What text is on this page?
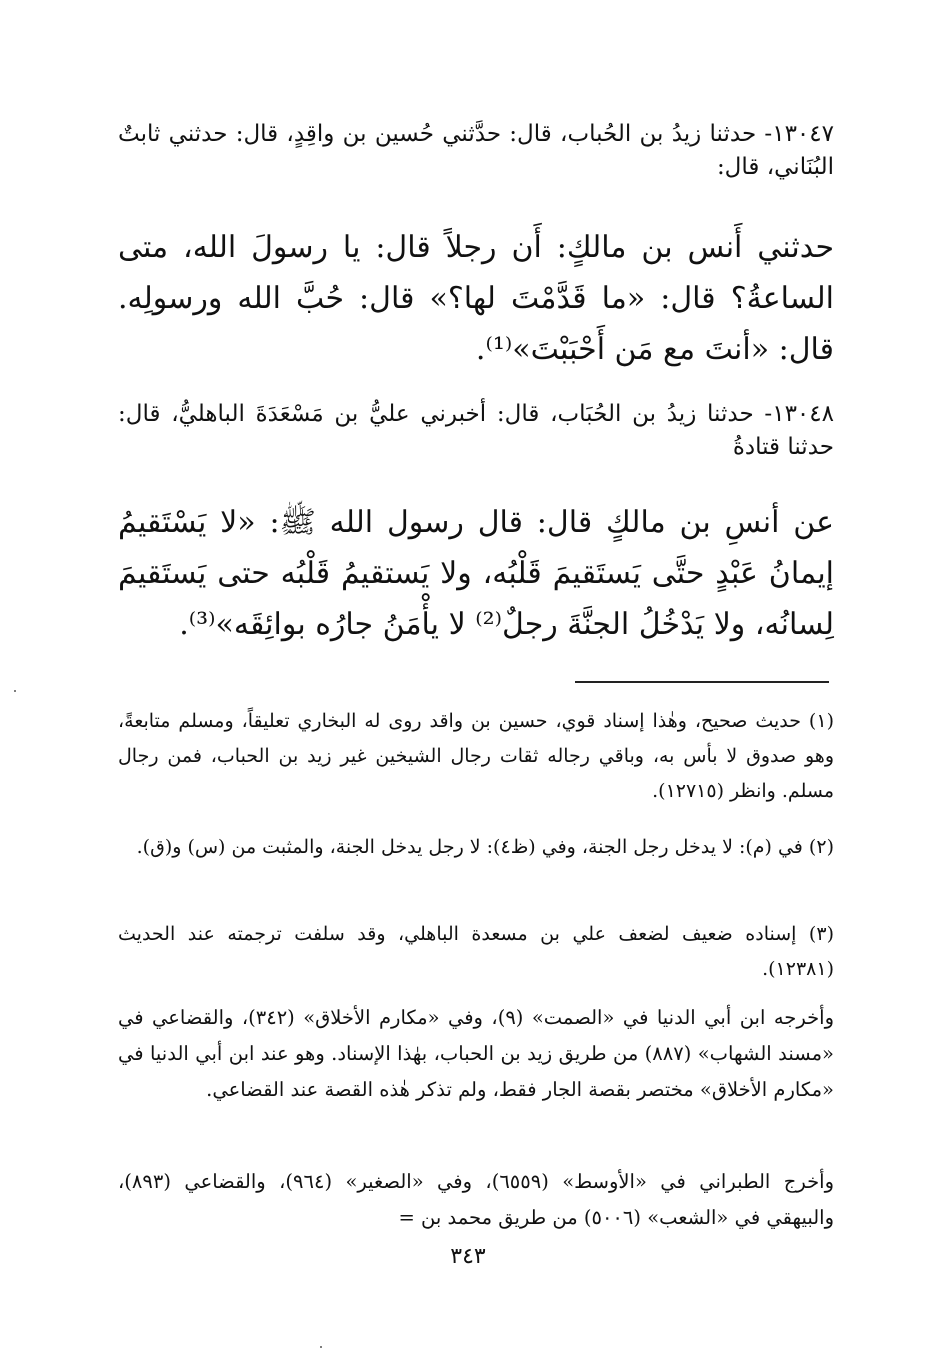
١٣٠٤٧- حدثنا زيدُ بن الحُباب، قال: حدَّثني حُسين بن واقِدٍ، قال: حدثني ثابتٌ البُنَاني، قال:

حدثني أَنس بن مالكٍ: أَن رجلاً قال: يا رسولَ الله، متى الساعةُ؟ قال: «ما قَدَّمْتَ لها؟» قال: حُبَّ الله ورسولِه. قال: «أنتَ مع مَن أَحْبَبْتَ»⁽¹⁾.

١٣٠٤٨- حدثنا زيدُ بن الحُبَاب، قال: أخبرني عليُّ بن مَسْعَدَةَ الباهليُّ، قال: حدثنا قتادةُ

عن أنسِ بن مالكٍ قال: قال رسول الله ﷺ: «لا يَسْتَقيمُ إيمانُ عَبْدٍ حتَّى يَستَقيمَ قَلْبُه، ولا يَستقيمُ قَلْبُه حتى يَستَقيمَ لِسانُه، ولا يَدْخُلُ الجنَّةَ رجلٌ⁽²⁾ لا يأْمَنُ جارُه بوائِقَه»⁽³⁾.

(١) حديث صحيح، وهٰذا إسناد قوي، حسين بن واقد روى له البخاري تعليقاً، ومسلم متابعةً، وهو صدوق لا بأس به، وباقي رجاله ثقات رجال الشيخين غير زيد بن الحباب، فمن رجال مسلم. وانظر (١٢٧١٥).

(٢) في (م): لا يدخل رجل الجنة، وفي (ظ٤): لا رجل يدخل الجنة، والمثبت من (س) و(ق).

(٣) إسناده ضعيف لضعف علي بن مسعدة الباهلي، وقد سلفت ترجمته عند الحديث (١٢٣٨١).

وأخرجه ابن أبي الدنيا في «الصمت» (٩)، وفي «مكارم الأخلاق» (٣٤٢)، والقضاعي في «مسند الشهاب» (٨٨٧) من طريق زيد بن الحباب، بهٰذا الإسناد. وهو عند ابن أبي الدنيا في «مكارم الأخلاق» مختصر بقصة الجار فقط، ولم تذكر هٰذه القصة عند القضاعي.

وأخرج الطبراني في «الأوسط» (٦٥٥٩)، وفي «الصغير» (٩٦٤)، والقضاعي (٨٩٣)، والبيهقي في «الشعب» (٥٠٠٦) من طريق محمد بن =

٣٤٣
